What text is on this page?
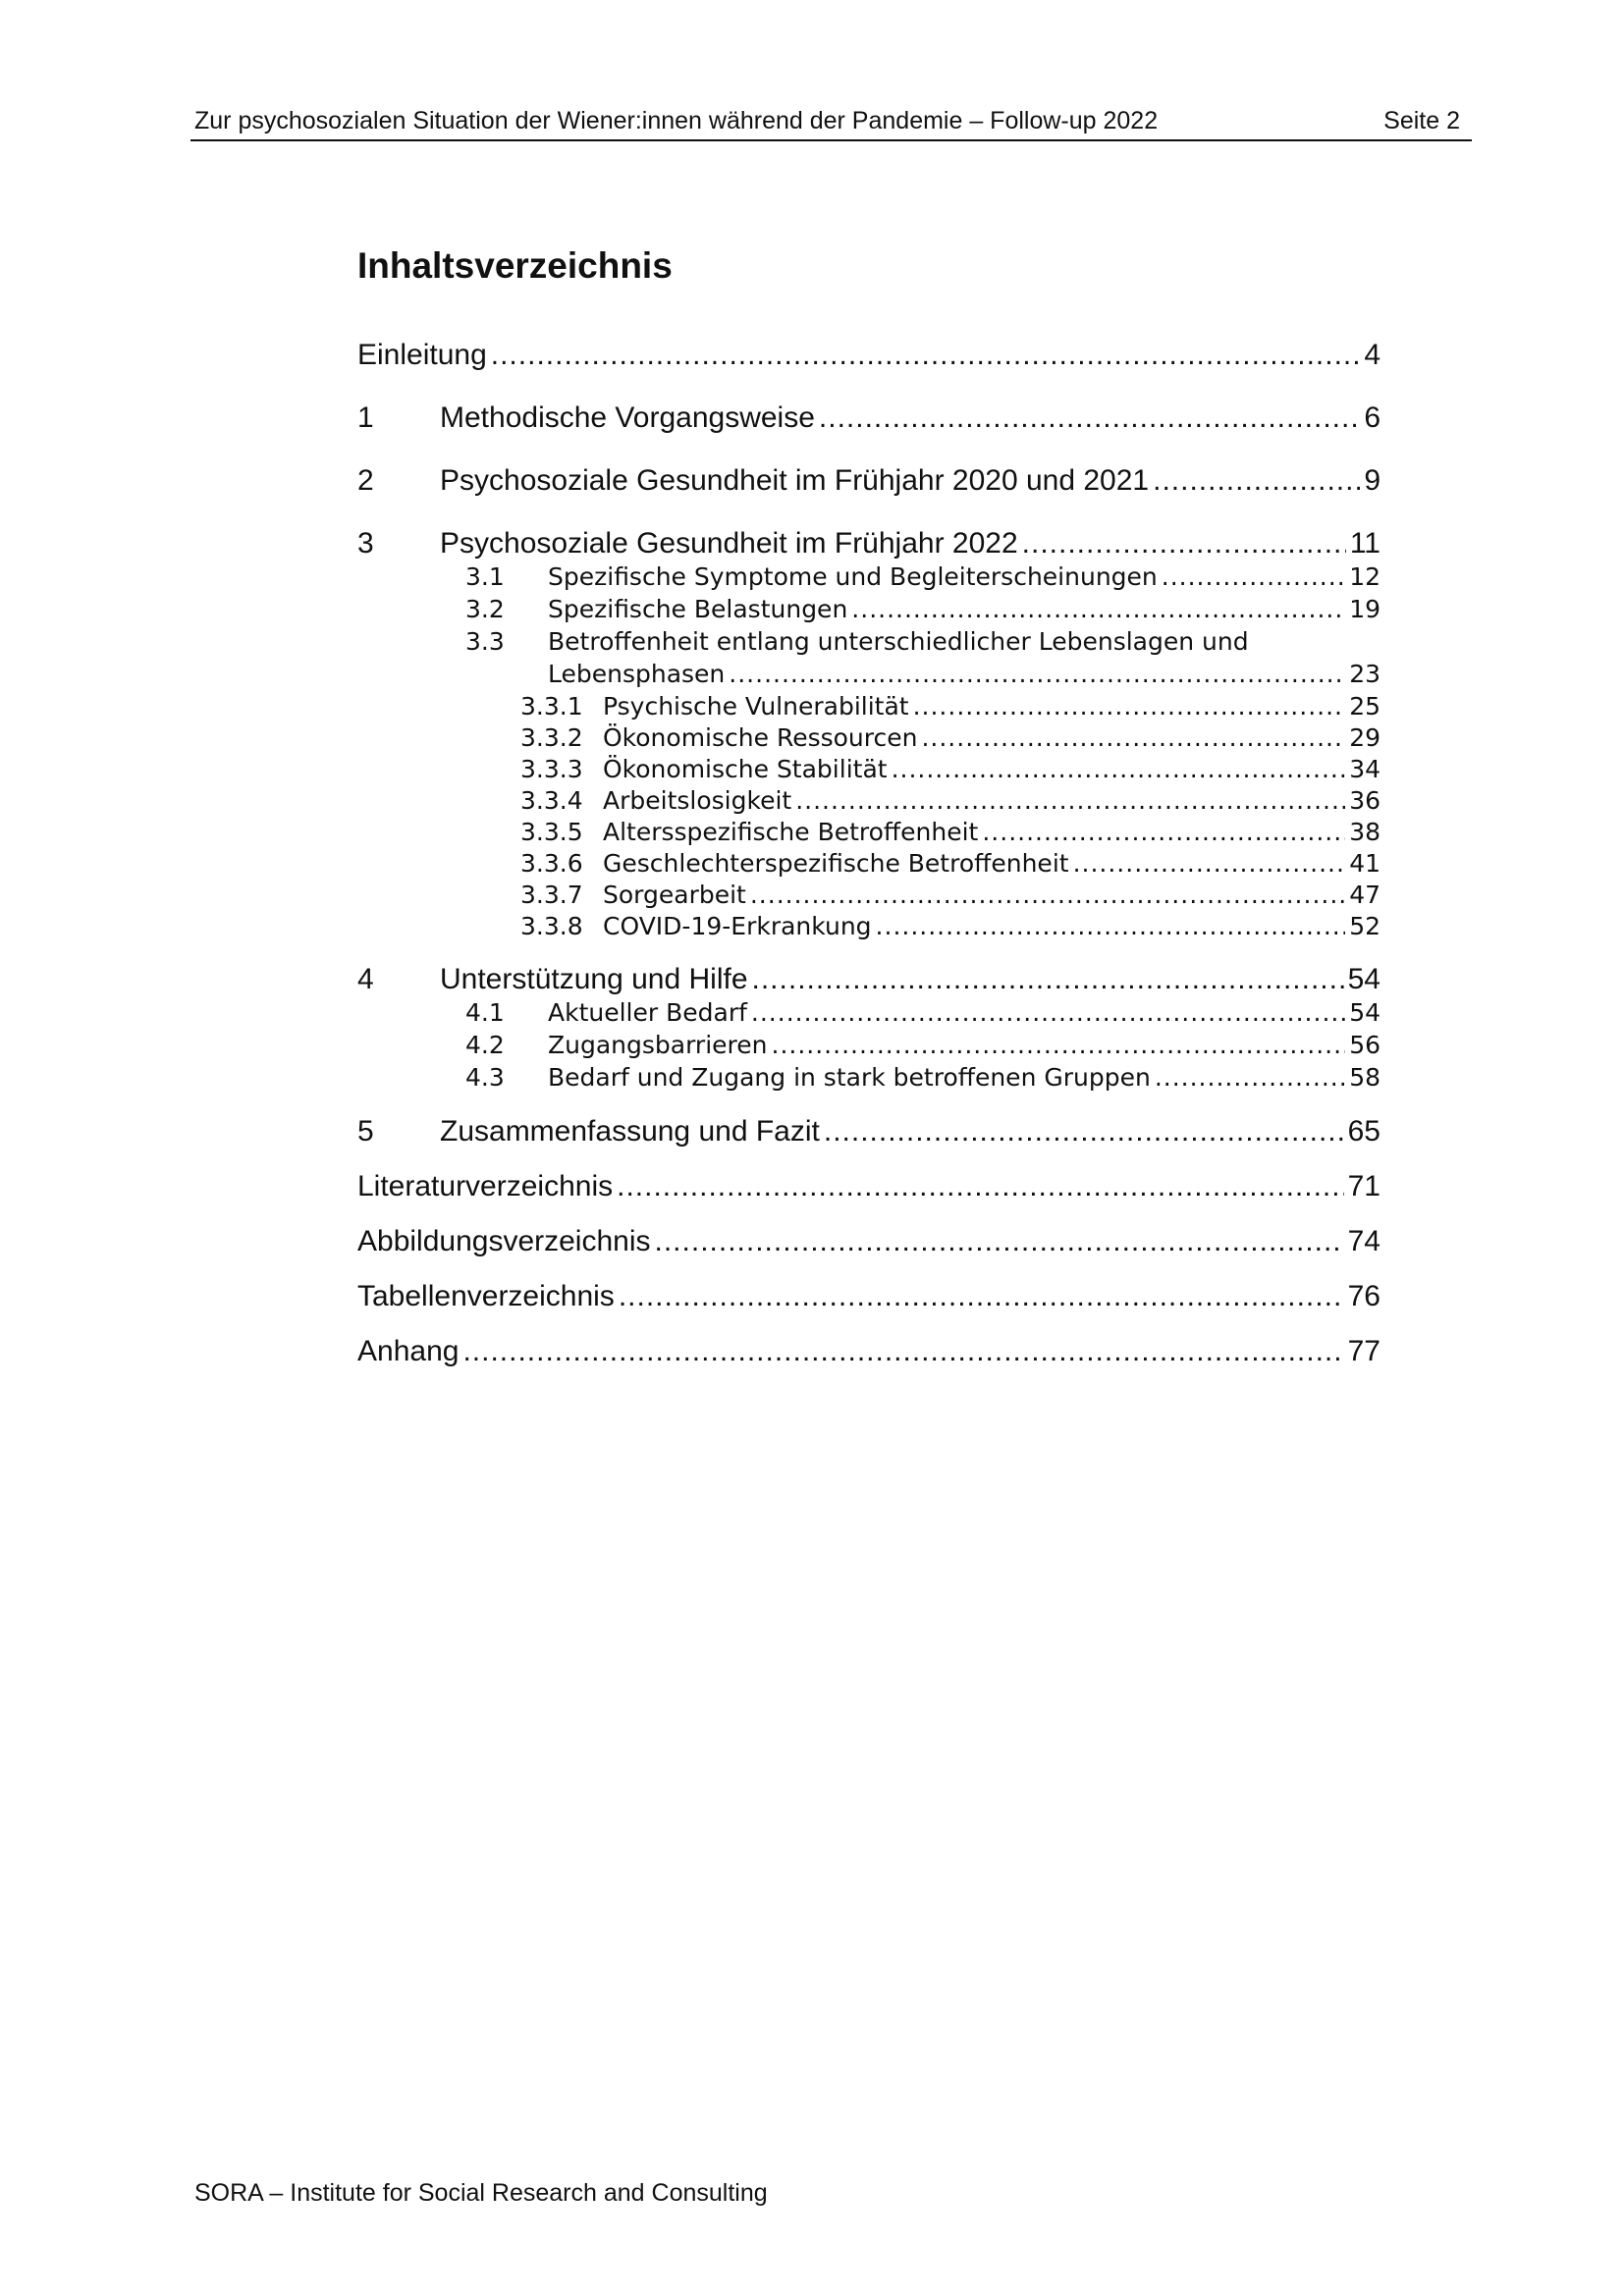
Zur psychosozialen Situation der Wiener:innen während der Pandemie – Follow-up 2022	Seite 2
Inhaltsverzeichnis
Einleitung .....	4
1	Methodische Vorgangsweise .....	6
2	Psychosoziale Gesundheit im Frühjahr 2020 und 2021 .....	9
3	Psychosoziale Gesundheit im Frühjahr 2022 .....	11
3.1	Spezifische Symptome und Begleiterscheinungen .....	12
3.2	Spezifische Belastungen .....	19
3.3	Betroffenheit entlang unterschiedlicher Lebenslagen und
Lebensphasen .....	23
3.3.1 Psychische Vulnerabilität .....	25
3.3.2 Ökonomische Ressourcen .....	29
3.3.3 Ökonomische Stabilität .....	34
3.3.4 Arbeitslosigkeit .....	36
3.3.5 Altersspezifische Betroffenheit .....	38
3.3.6 Geschlechterspezifische Betroffenheit .....	41
3.3.7 Sorgearbeit .....	47
3.3.8 COVID-19-Erkrankung .....	52
4	Unterstützung und Hilfe .....	54
4.1	Aktueller Bedarf .....	54
4.2	Zugangsbarrieren .....	56
4.3	Bedarf und Zugang in stark betroffenen Gruppen .....	58
5	Zusammenfassung und Fazit .....	65
Literaturverzeichnis .....	71
Abbildungsverzeichnis .....	74
Tabellenverzeichnis .....	76
Anhang .....	77
SORA – Institute for Social Research and Consulting
